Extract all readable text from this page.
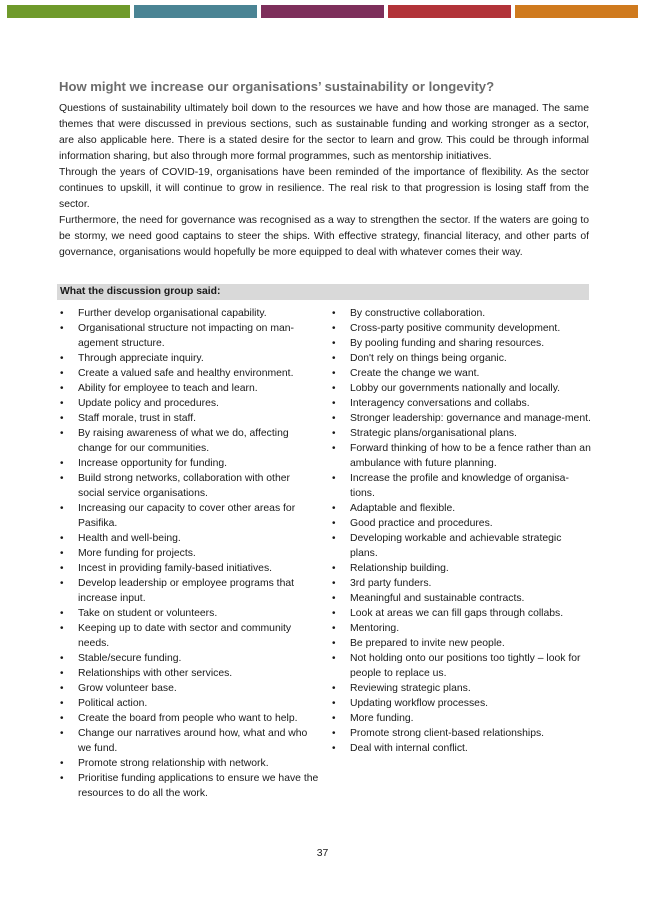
How might we increase our organisations’ sustainability or longevity?

Questions of sustainability ultimately boil down to the resources we have and how those are managed. The same themes that were discussed in previous sections, such as sustainable funding and working stronger as a sector, are also applicable here. There is a stated desire for the sector to learn and grow. This could be through informal information sharing, but also through more formal programmes, such as mentorship initiatives.

Through the years of COVID-19, organisations have been reminded of the importance of flexibility. As the sector continues to upskill, it will continue to grow in resilience. The real risk to that progression is losing staff from the sector.

Furthermore, the need for governance was recognised as a way to strengthen the sector. If the waters are going to be stormy, we need good captains to steer the ships. With effective strategy, financial literacy, and other parts of governance, organisations would hopefully be more equipped to deal with whatever comes their way.

What the discussion group said:
• Further develop organisational capability.
• Organisational structure not impacting on man-agement structure.
• Through appreciate inquiry.
• Create a valued safe and healthy environment.
• Ability for employee to teach and learn.
• Update policy and procedures.
• Staff morale, trust in staff.
• By raising awareness of what we do, affecting change for our communities.
• Increase opportunity for funding.
• Build strong networks, collaboration with other social service organisations.
• Increasing our capacity to cover other areas for Pasifika.
• Health and well-being.
• More funding for projects.
• Incest in providing family-based initiatives.
• Develop leadership or employee programs that increase input.
• Take on student or volunteers.
• Keeping up to date with sector and community needs.
• Stable/secure funding.
• Relationships with other services.
• Grow volunteer base.
• Political action.
• Create the board from people who want to help.
• Change our narratives around how, what and who we fund.
• Promote strong relationship with network.
• Prioritise funding applications to ensure we have the resources to do all the work.
• By constructive collaboration.
• Cross-party positive community development.
• By pooling funding and sharing resources.
• Don't rely on things being organic.
• Create the change we want.
• Lobby our governments nationally and locally.
• Interagency conversations and collabs.
• Stronger leadership: governance and manage-ment.
• Strategic plans/organisational plans.
• Forward thinking of how to be a fence rather than an ambulance with future planning.
• Increase the profile and knowledge of organisa-tions.
• Adaptable and flexible.
• Good practice and procedures.
• Developing workable and achievable strategic plans.
• Relationship building.
• 3rd party funders.
• Meaningful and sustainable contracts.
• Look at areas we can fill gaps through collabs.
• Mentoring.
• Be prepared to invite new people.
• Not holding onto our positions too tightly – look for people to replace us.
• Reviewing strategic plans.
• Updating workflow processes.
• More funding.
• Promote strong client-based relationships.
• Deal with internal conflict.
37
